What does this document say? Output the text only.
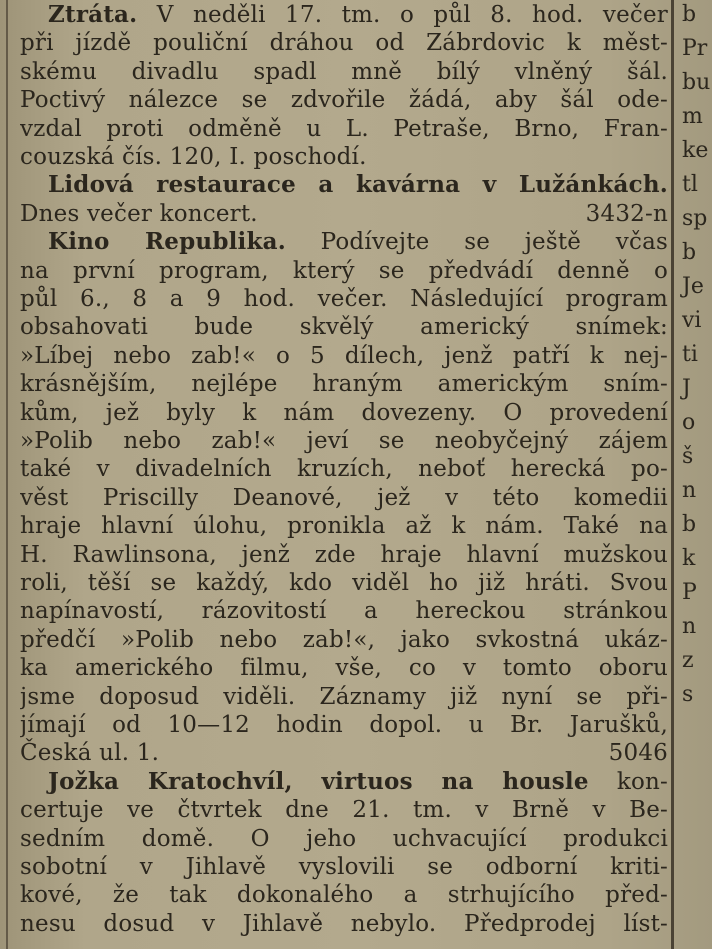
Ztráta. V neděli 17. tm. o půl 8. hod. večer
při jízdě pouliční dráhou od Zábrdovic k měst-
skému divadlu spadl mně bílý vlněný šál.
Poctivý nálezce se zdvořile žádá, aby šál ode-
vzdal proti odměně u L. Petraše, Brno, Fran-
couzská čís. 120, I. poschodí.
Lidová restaurace a kavárna v Lužánkách.
Dnes večer koncert.	3432-n
Kino Republika. Podívejte se ještě včas
na první program, který se předvádí denně o
půl 6., 8 a 9 hod. večer. Následující program
obsahovati bude skvělý americký snímek:
»Líbej nebo zab!« o 5 dílech, jenž patří k nej-
krásnějším, nejlépe hraným americkým sním-
kům, jež byly k nám dovezeny. O provedení
»Polib nebo zab!« jeví se neobyčejný zájem
také v divadelních kruzích, neboť herecká po-
věst Priscilly Deanové, jež v této komedii
hraje hlavní úlohu, pronikla až k nám. Také na
H. Rawlinsona, jenž zde hraje hlavní mužskou
roli, těší se každý, kdo viděl ho již hráti. Svou
napínavostí, rázovitostí a hereckou stránkou
předčí »Polib nebo zab!«, jako svkostná ukáz-
ka amerického filmu, vše, co v tomto oboru
jsme doposud viděli. Záznamy již nyní se při-
jímají od 10—12 hodin dopol. u Br. Jarušků,
Česká ul. 1.	5046
Jožka Kratochvíl, virtuos na housle kon-
certuje ve čtvrtek dne 21. tm. v Brně v Be-
sedním domě. O jeho uchvacující produkci
sobotní v Jihlavě vyslovili se odborní kriti-
kové, že tak dokonalého a strhujícího před-
nesu dosud v Jihlavě nebylo. Předprodej líst-
b
Pr
bu
m
ke
tl
sp
b
Je
vi
ti
J
o
š
n
b
k
P
n
z
s
